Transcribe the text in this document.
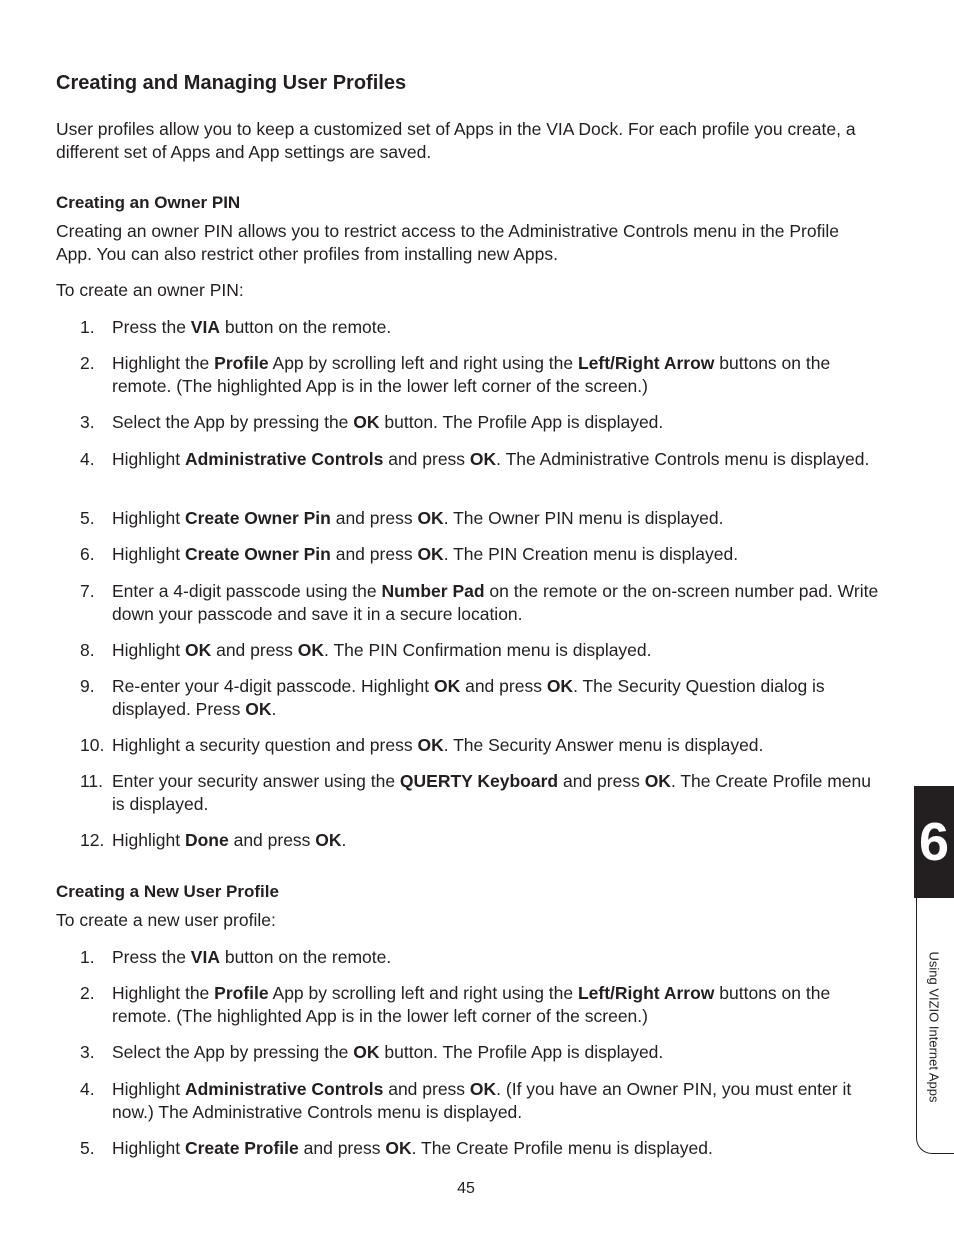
Creating and Managing User Profiles

User profiles allow you to keep a customized set of Apps in the VIA Dock. For each profile you create, a different set of Apps and App settings are saved.

Creating an Owner PIN

Creating an owner PIN allows you to restrict access to the Administrative Controls menu in the Profile App. You can also restrict other profiles from installing new Apps.

To create an owner PIN:

1. Press the VIA button on the remote.
2. Highlight the Profile App by scrolling left and right using the Left/Right Arrow buttons on the remote. (The highlighted App is in the lower left corner of the screen.)
3. Select the App by pressing the OK button. The Profile App is displayed.
4. Highlight Administrative Controls and press OK. The Administrative Controls menu is displayed.
5. Highlight Create Owner Pin and press OK. The Owner PIN menu is displayed.
6. Highlight Create Owner Pin and press OK. The PIN Creation menu is displayed.
7. Enter a 4-digit passcode using the Number Pad on the remote or the on-screen number pad. Write down your passcode and save it in a secure location.
8. Highlight OK and press OK. The PIN Confirmation menu is displayed.
9. Re-enter your 4-digit passcode. Highlight OK and press OK. The Security Question dialog is displayed. Press OK.
10. Highlight a security question and press OK. The Security Answer menu is displayed.
11. Enter your security answer using the QUERTY Keyboard and press OK. The Create Profile menu is displayed.
12. Highlight Done and press OK.
Creating a New User Profile

To create a new user profile:

1. Press the VIA button on the remote.
2. Highlight the Profile App by scrolling left and right using the Left/Right Arrow buttons on the remote. (The highlighted App is in the lower left corner of the screen.)
3. Select the App by pressing the OK button. The Profile App is displayed.
4. Highlight Administrative Controls and press OK. (If you have an Owner PIN, you must enter it now.) The Administrative Controls menu is displayed.
5. Highlight Create Profile and press OK. The Create Profile menu is displayed.
6
Using VIZIO Internet Apps
45
